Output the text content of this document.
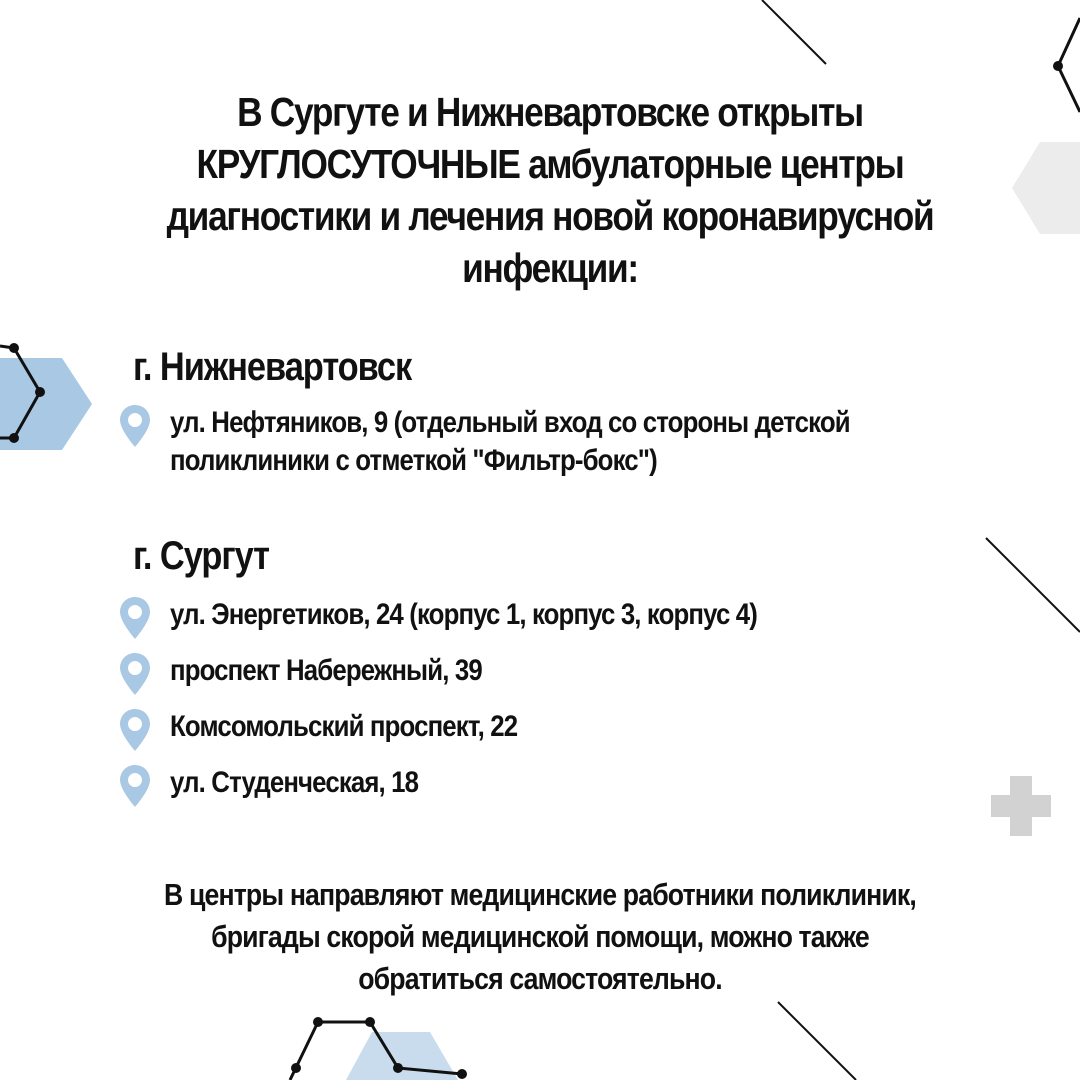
В Сургуте и Нижневартовске открыты
КРУГЛОСУТОЧНЫЕ амбулаторные центры
диагностики и лечения новой коронавирусной
инфекции:
г. Нижневартовск
ул. Нефтяников, 9 (отдельный вход со стороны детской
поликлиники с отметкой "Фильтр-бокс")
г. Сургут
ул. Энергетиков, 24 (корпус 1, корпус 3, корпус 4)
проспект Набережный, 39
Комсомольский проспект, 22
ул. Студенческая, 18
В центры направляют медицинские работники поликлиник,
бригады скорой медицинской помощи, можно также
обратиться самостоятельно.
